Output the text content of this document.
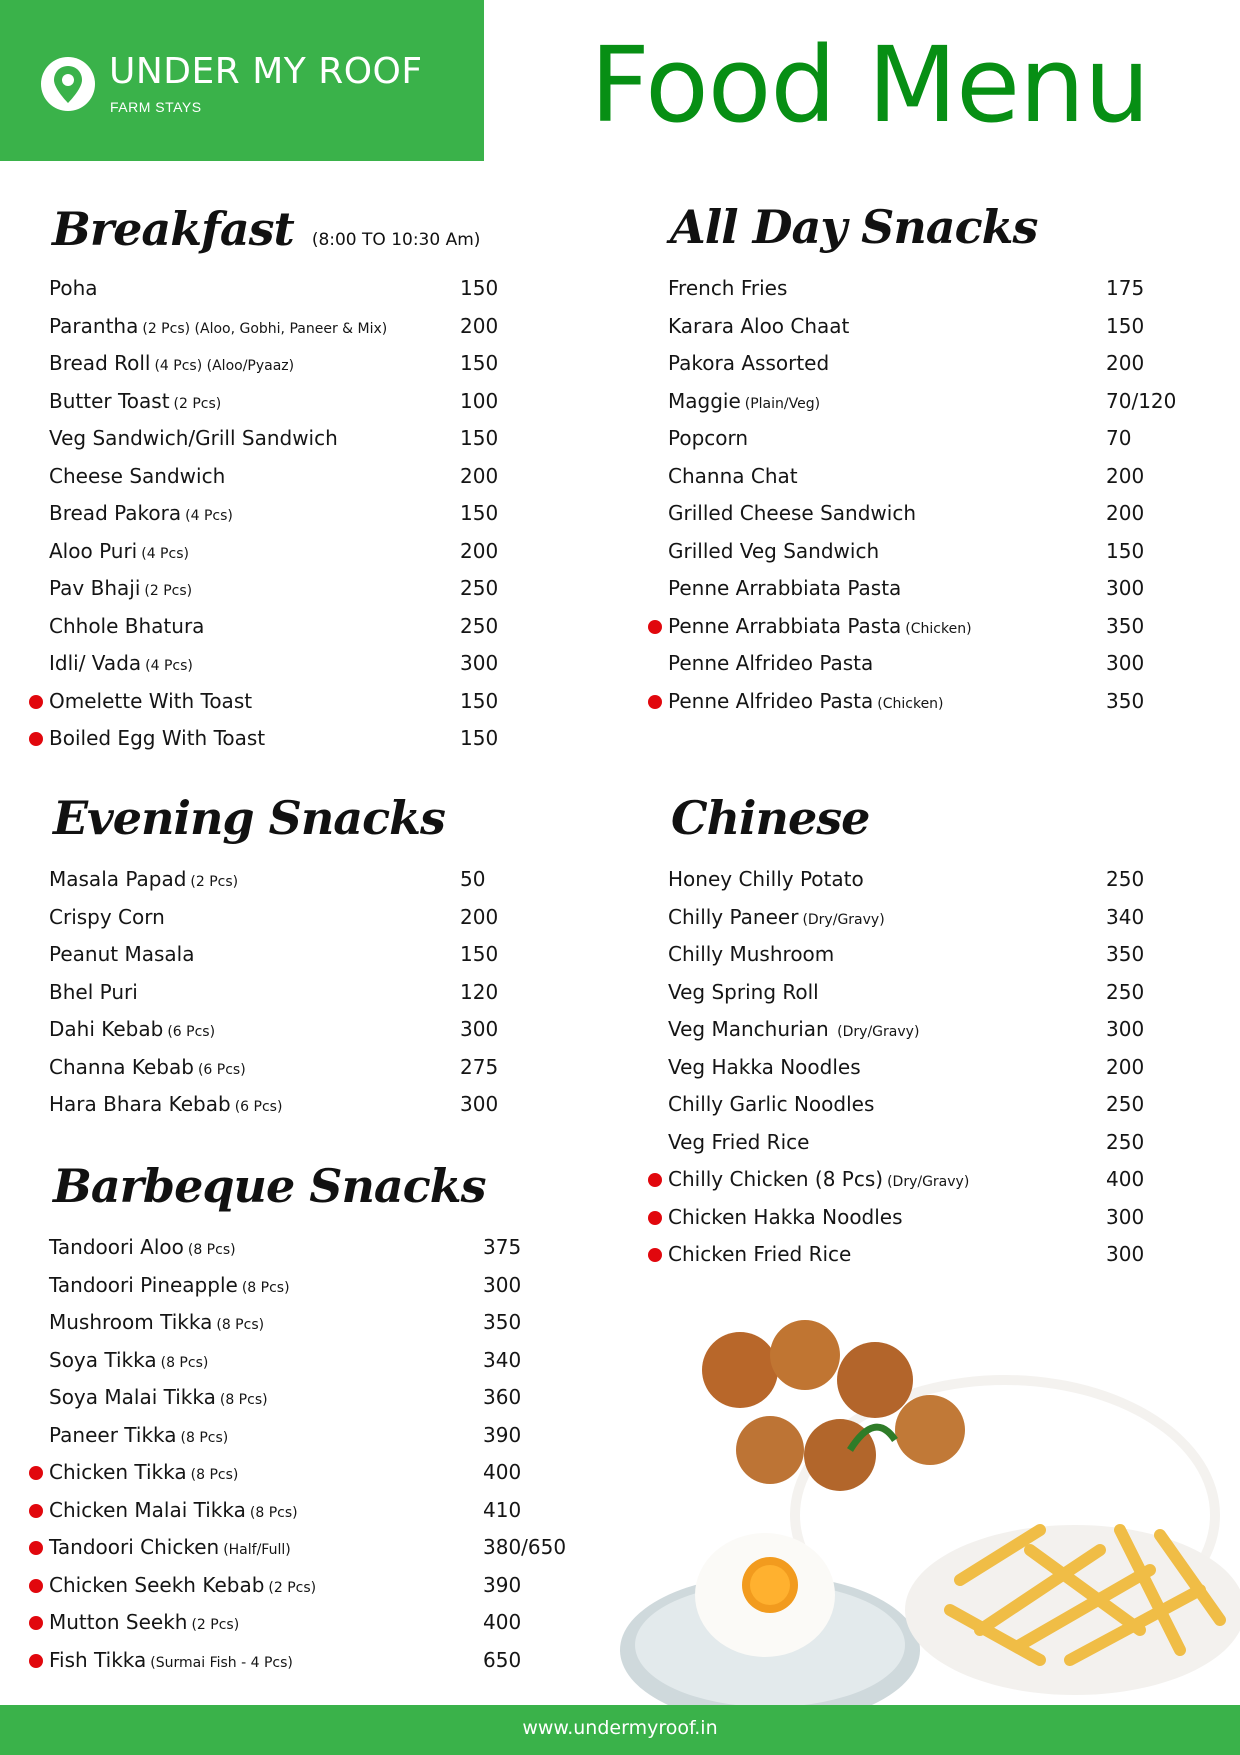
UNDER MY ROOF
FARM STAYS	Food Menu
Breakfast (8:00 TO 10:30 Am)
Poha	150
Parantha (2 Pcs) (Aloo, Gobhi, Paneer & Mix)	200
Bread Roll (4 Pcs) (Aloo/Pyaaz)	150
Butter Toast (2 Pcs)	100
Veg Sandwich/Grill Sandwich	150
Cheese Sandwich	200
Bread Pakora (4 Pcs)	150
Aloo Puri (4 Pcs)	200
Pav Bhaji (2 Pcs)	250
Chhole Bhatura	250
Idli/ Vada (4 Pcs)	300
Omelette With Toast	150
Boiled Egg With Toast	150
Evening Snacks
Masala Papad (2 Pcs)	50
Crispy Corn	200
Peanut Masala	150
Bhel Puri	120
Dahi Kebab (6 Pcs)	300
Channa Kebab (6 Pcs)	275
Hara Bhara Kebab (6 Pcs)	300
Barbeque Snacks
Tandoori Aloo (8 Pcs)	375
Tandoori Pineapple (8 Pcs)	300
Mushroom Tikka (8 Pcs)	350
Soya Tikka (8 Pcs)	340
Soya Malai Tikka (8 Pcs)	360
Paneer Tikka (8 Pcs)	390
Chicken Tikka (8 Pcs)	400
Chicken Malai Tikka (8 Pcs)	410
Tandoori Chicken (Half/Full)	380/650
Chicken Seekh Kebab (2 Pcs)	390
Mutton Seekh (2 Pcs)	400
Fish Tikka (Surmai Fish - 4 Pcs)	650
All Day Snacks
French Fries	175
Karara Aloo Chaat	150
Pakora Assorted	200
Maggie (Plain/Veg)	70/120
Popcorn	70
Channa Chat	200
Grilled Cheese Sandwich	200
Grilled Veg Sandwich	150
Penne Arrabbiata Pasta	300
Penne Arrabbiata Pasta (Chicken)	350
Penne Alfrideo Pasta	300
Penne Alfrideo Pasta (Chicken)	350
Chinese
Honey Chilly Potato	250
Chilly Paneer (Dry/Gravy)	340
Chilly Mushroom	350
Veg Spring Roll	250
Veg Manchurian (Dry/Gravy)	300
Veg Hakka Noodles	200
Chilly Garlic Noodles	250
Veg Fried Rice	250
Chilly Chicken (8 Pcs) (Dry/Gravy)	400
Chicken Hakka Noodles	300
Chicken Fried Rice	300
www.undermyroof.in
